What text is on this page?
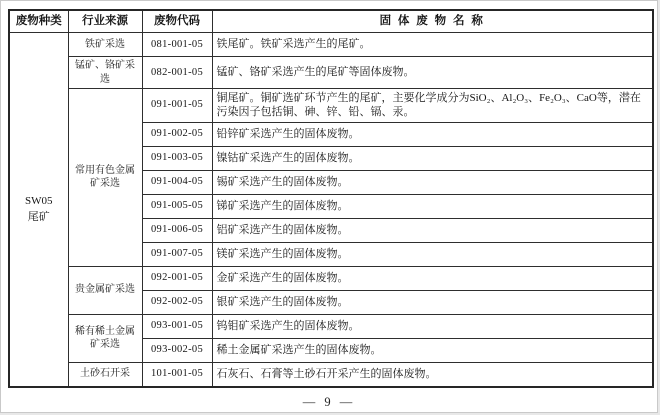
废物种类	行业来源	废物代码	固 体 废 物 名 称

SW05
尾矿	铁矿采选	081-001-05	铁尾矿。铁矿采选产生的尾矿。
	锰矿、铬矿采选	082-001-05	锰矿、铬矿采选产生的尾矿等固体废物。
	常用有色金属矿采选	091-001-05	铜尾矿。铜矿选矿环节产生的尾矿，主要化学成分为SiO₂、Al₂O₃、Fe₂O₃、CaO等，潜在污染因子包括铜、砷、锌、铅、镉、汞。
		091-002-05	铅锌矿采选产生的固体废物。
		091-003-05	镍钴矿采选产生的固体废物。
		091-004-05	锡矿采选产生的固体废物。
		091-005-05	锑矿采选产生的固体废物。
		091-006-05	铝矿采选产生的固体废物。
		091-007-05	镁矿采选产生的固体废物。
	贵金属矿采选	092-001-05	金矿采选产生的固体废物。
		092-002-05	银矿采选产生的固体废物。
	稀有稀土金属矿采选	093-001-05	钨钼矿采选产生的固体废物。
		093-002-05	稀土金属矿采选产生的固体废物。
	土砂石开采	101-001-05	石灰石、石膏等土砂石开采产生的固体废物。
— 9 —
